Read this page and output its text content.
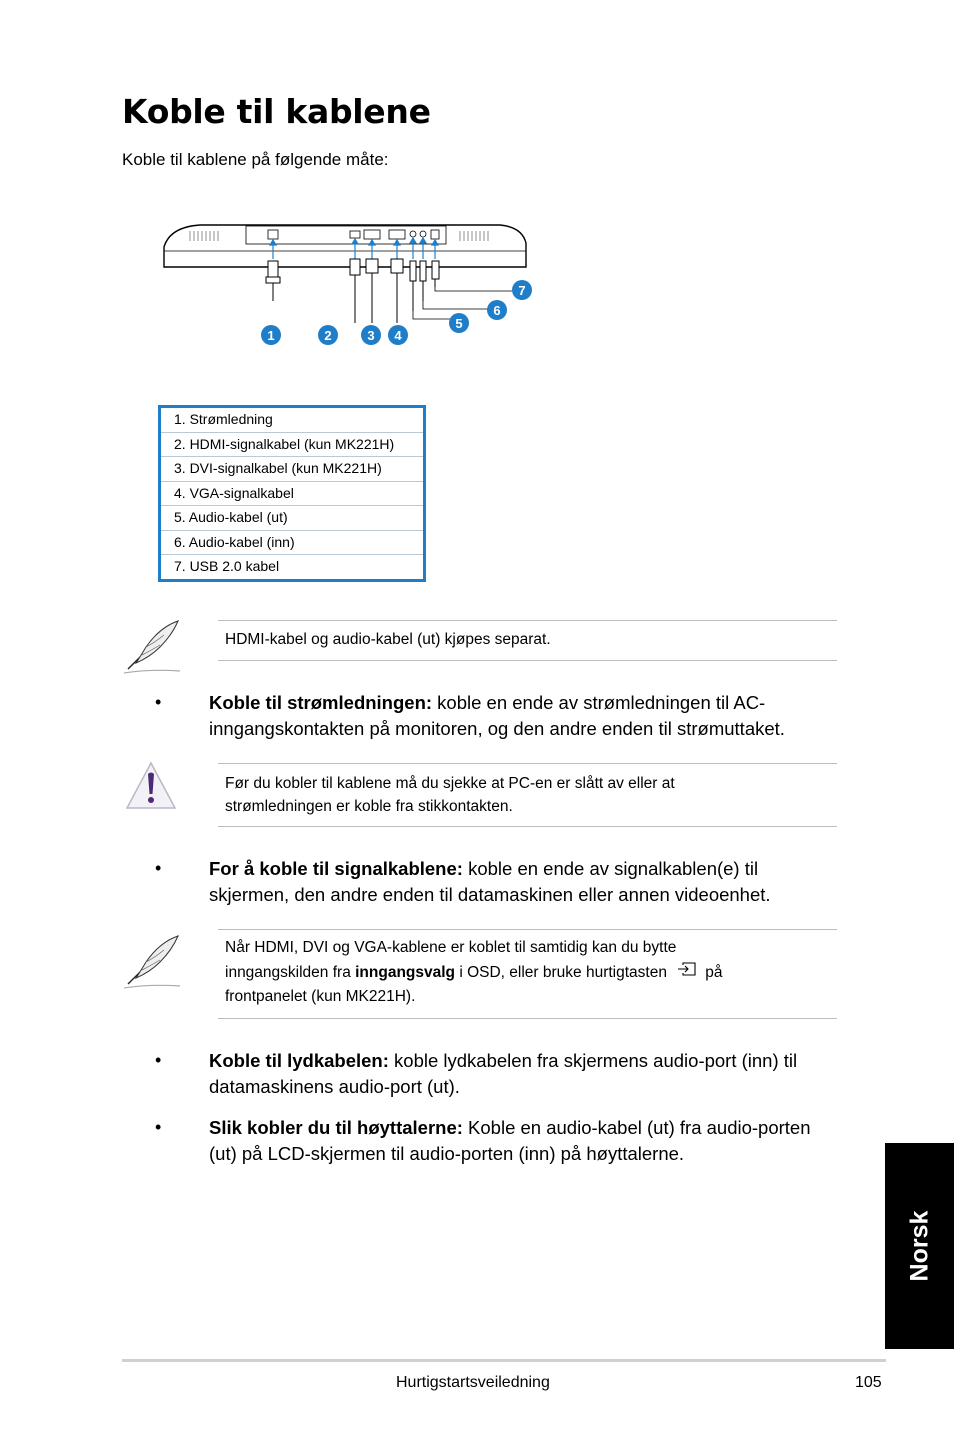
Koble til kablene
Koble til kablene på følgende måte:
1	2	3 4
5
6
7
1. Strømledning
2. HDMI-signalkabel (kun MK221H)
3. DVI-signalkabel (kun MK221H)
4. VGA-signalkabel
5. Audio-kabel (ut)
6. Audio-kabel (inn)
7. USB 2.0 kabel
HDMI-kabel og audio-kabel (ut) kjøpes separat.
•	Koble til strømledningen: koble en ende av strømledningen til AC-
inngangskontakten på monitoren, og den andre enden til strømuttaket.
Før du kobler til kablene må du sjekke at PC-en er slått av eller at
strømledningen er koble fra stikkontakten.
•	For å koble til signalkablene: koble en ende av signalkablen(e) til
skjermen, den andre enden til datamaskinen eller annen videoenhet.
Når HDMI, DVI og VGA-kablene er koblet til samtidig kan du bytte
inngangskilden fra inngangsvalg i OSD, eller bruke hurtigtasten på
frontpanelet (kun MK221H).
•	Koble til lydkabelen: koble lydkabelen fra skjermens audio-port (inn) til
datamaskinens audio-port (ut).
•	Slik kobler du til høyttalerne: Koble en audio-kabel (ut) fra audio-porten
(ut) på LCD-skjermen til audio-porten (inn) på høyttalerne.
Norsk
Hurtigstartsveiledning	105
